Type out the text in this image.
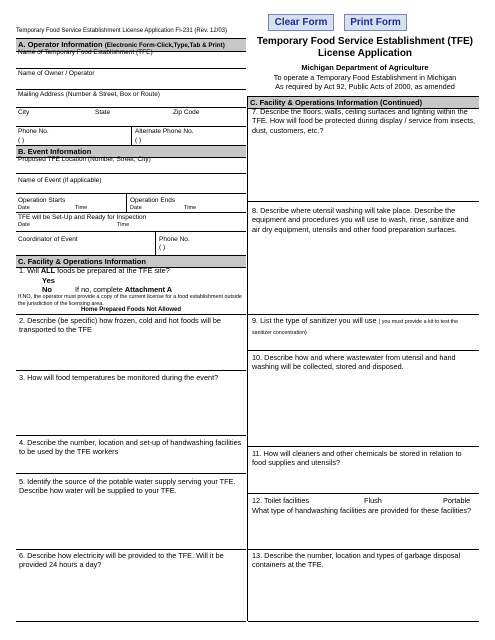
Temporary Food Service Establishment License Application FI-231 (Rev. 12/03)
Clear Form	Print Form
Temporary Food Service Establishment (TFE)
License Application
Michigan Department of Agriculture
To operate a Temporary Food Establishment in Michigan
As required by Act 92, Public Acts of 2000, as amended
A. Operator Information (Electronic Form-Click,Type,Tab & Print)
Name of Temporary Food Establishment (TFE)
Name of Owner / Operator
Mailing Address (Number & Street, Box or Route)
City	State	Zip Code
Phone No.
( )
Alternate Phone No.
( )
B. Event Information
Proposed TFE Location (Number, Street, City)
Name of Event (if applicable)
Operation Starts
Date	Time
Operation Ends
Date	Time
TFE will be Set-Up and Ready for Inspection
Date	Time
Coordinator of Event	Phone No.
( )
C. Facility & Operations Information
1. Will ALL foods be prepared at the TFE site?
Yes
No	If no, complete Attachment A
If NO, the operator must provide a copy of the current license for a food establishment outside the jurisdiction of the licensing area.
Home Prepared Foods Not Allowed
2. Describe (be specific) how frozen, cold and hot foods will be transported to the TFE
3. How will food temperatures be monitored during the event?
4. Describe the number, location and set-up of handwashing facilities to be used by the TFE workers
5. Identify the source of the potable water supply serving your TFE. Describe how water will be supplied to your TFE.
6. Describe how electricity will be provided to the TFE. Will it be provided 24 hours a day?
C. Facility & Operations Information (Continued)
7. Describe the floors, walls, ceiling surfaces and lighting within the TFE. How will food be protected during display / service from insects, dust, customers, etc.?
8. Describe where utensil washing will take place. Describe the equipment and procedures you will use to wash, rinse, sanitize and air dry equipment, utensils and other food preparation surfaces.
9. List the type of sanitizer you will use ( you must provide a kit to test the sanitizer concentration)
10. Describe how and where wastewater from utensil and hand washing will be collected, stored and disposed.
11. How will cleaners and other chemicals be stored in relation to food supplies and utensils?
12. Toilet facilities	Flush	Portable
What type of handwashing facilities are provided for these facilities?
13. Describe the number, location and types of garbage disposal containers at the TFE.
